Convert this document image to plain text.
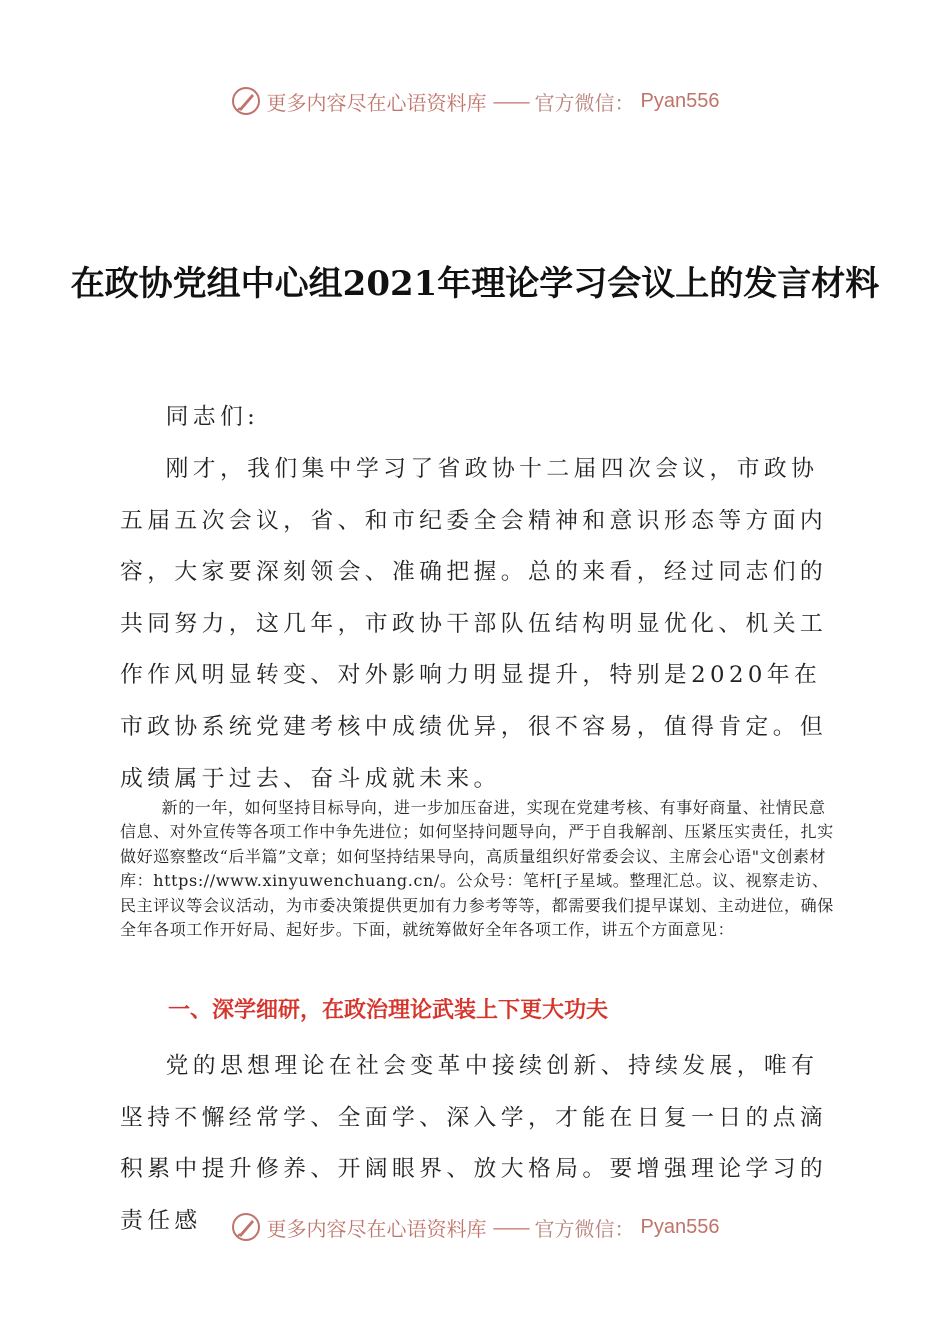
更多内容尽在心语资料库 —— 官方微信： Pyan556
在政协党组中心组2021年理论学习会议上的发言材料

同志们:

刚才，我们集中学习了省政协十二届四次会议，市政协五届五次会议，省、和市纪委全会精神和意识形态等方面内容，大家要深刻领会、准确把握。总的来看，经过同志们的共同努力，这几年，市政协干部队伍结构明显优化、机关工作作风明显转变、对外影响力明显提升，特别是2020年在市政协系统党建考核中成绩优异，很不容易，值得肯定。但成绩属于过去、奋斗成就未来。

新的一年，如何坚持目标导向，进一步加压奋进，实现在党建考核、有事好商量、社情民意信息、对外宣传等各项工作中争先进位；如何坚持问题导向，严于自我解剖、压紧压实责任，扎实做好巡察整改“后半篇”文章；如何坚持结果导向，高质量组织好常委会议、主席会心语"文创素材库：https://www.xinyuwenchuang.cn/。公众号：笔杆[子星域。整理汇总。议、视察走访、民主评议等会议活动，为市委决策提供更加有力参考等等，都需要我们提早谋划、主动进位，确保全年各项工作开好局、起好步。下面，就统筹做好全年各项工作，讲五个方面意见：

一、深学细研，在政治理论武装上下更大功夫

党的思想理论在社会变革中接续创新、持续发展，唯有坚持不懈经常学、全面学、深入学，才能在日复一日的点滴积累中提升修养、开阔眼界、放大格局。要增强理论学习的责任感	更多内容尽在心语资料库 —— 官方微信： Pyan556
